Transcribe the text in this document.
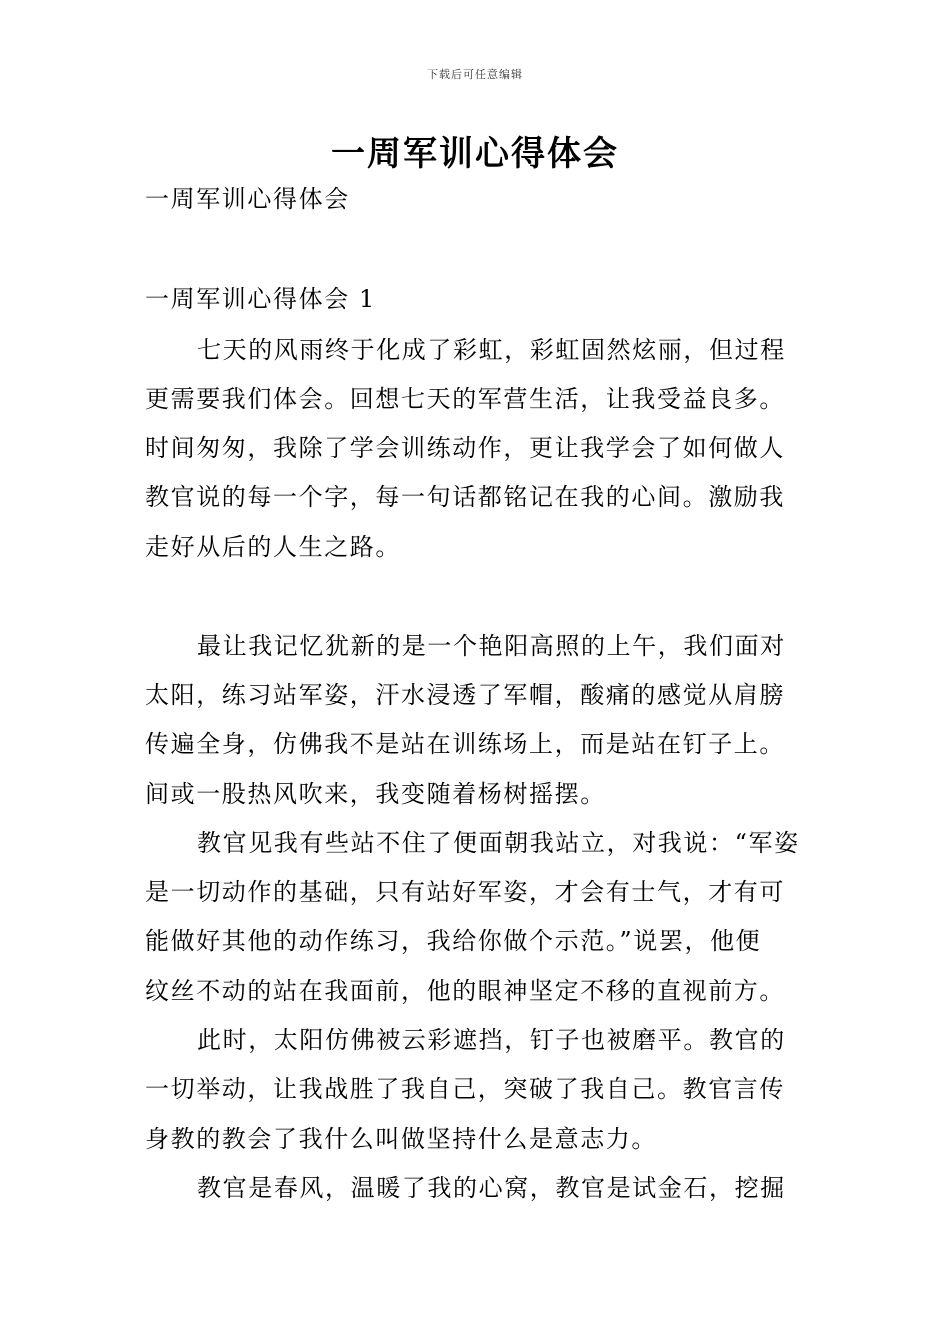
下载后可任意编辑
一周军训心得体会
一周军训心得体会
一周军训心得体会 1
七天的风雨终于化成了彩虹，彩虹固然炫丽，但过程
更需要我们体会。回想七天的军营生活，让我受益良多。
时间匆匆，我除了学会训练动作，更让我学会了如何做人
教官说的每一个字，每一句话都铭记在我的心间。激励我
走好从后的人生之路。
最让我记忆犹新的是一个艳阳高照的上午，我们面对
太阳，练习站军姿，汗水浸透了军帽，酸痛的感觉从肩膀
传遍全身，仿佛我不是站在训练场上，而是站在钉子上。
间或一股热风吹来，我变随着杨树摇摆。
教官见我有些站不住了便面朝我站立，对我说：“军姿
是一切动作的基础，只有站好军姿，才会有士气，才有可
能做好其他的动作练习，我给你做个示范。”说罢，他便
纹丝不动的站在我面前，他的眼神坚定不移的直视前方。
此时，太阳仿佛被云彩遮挡，钉子也被磨平。教官的
一切举动，让我战胜了我自己，突破了我自己。教官言传
身教的教会了我什么叫做坚持什么是意志力。
教官是春风，温暖了我的心窝，教官是试金石，挖掘
